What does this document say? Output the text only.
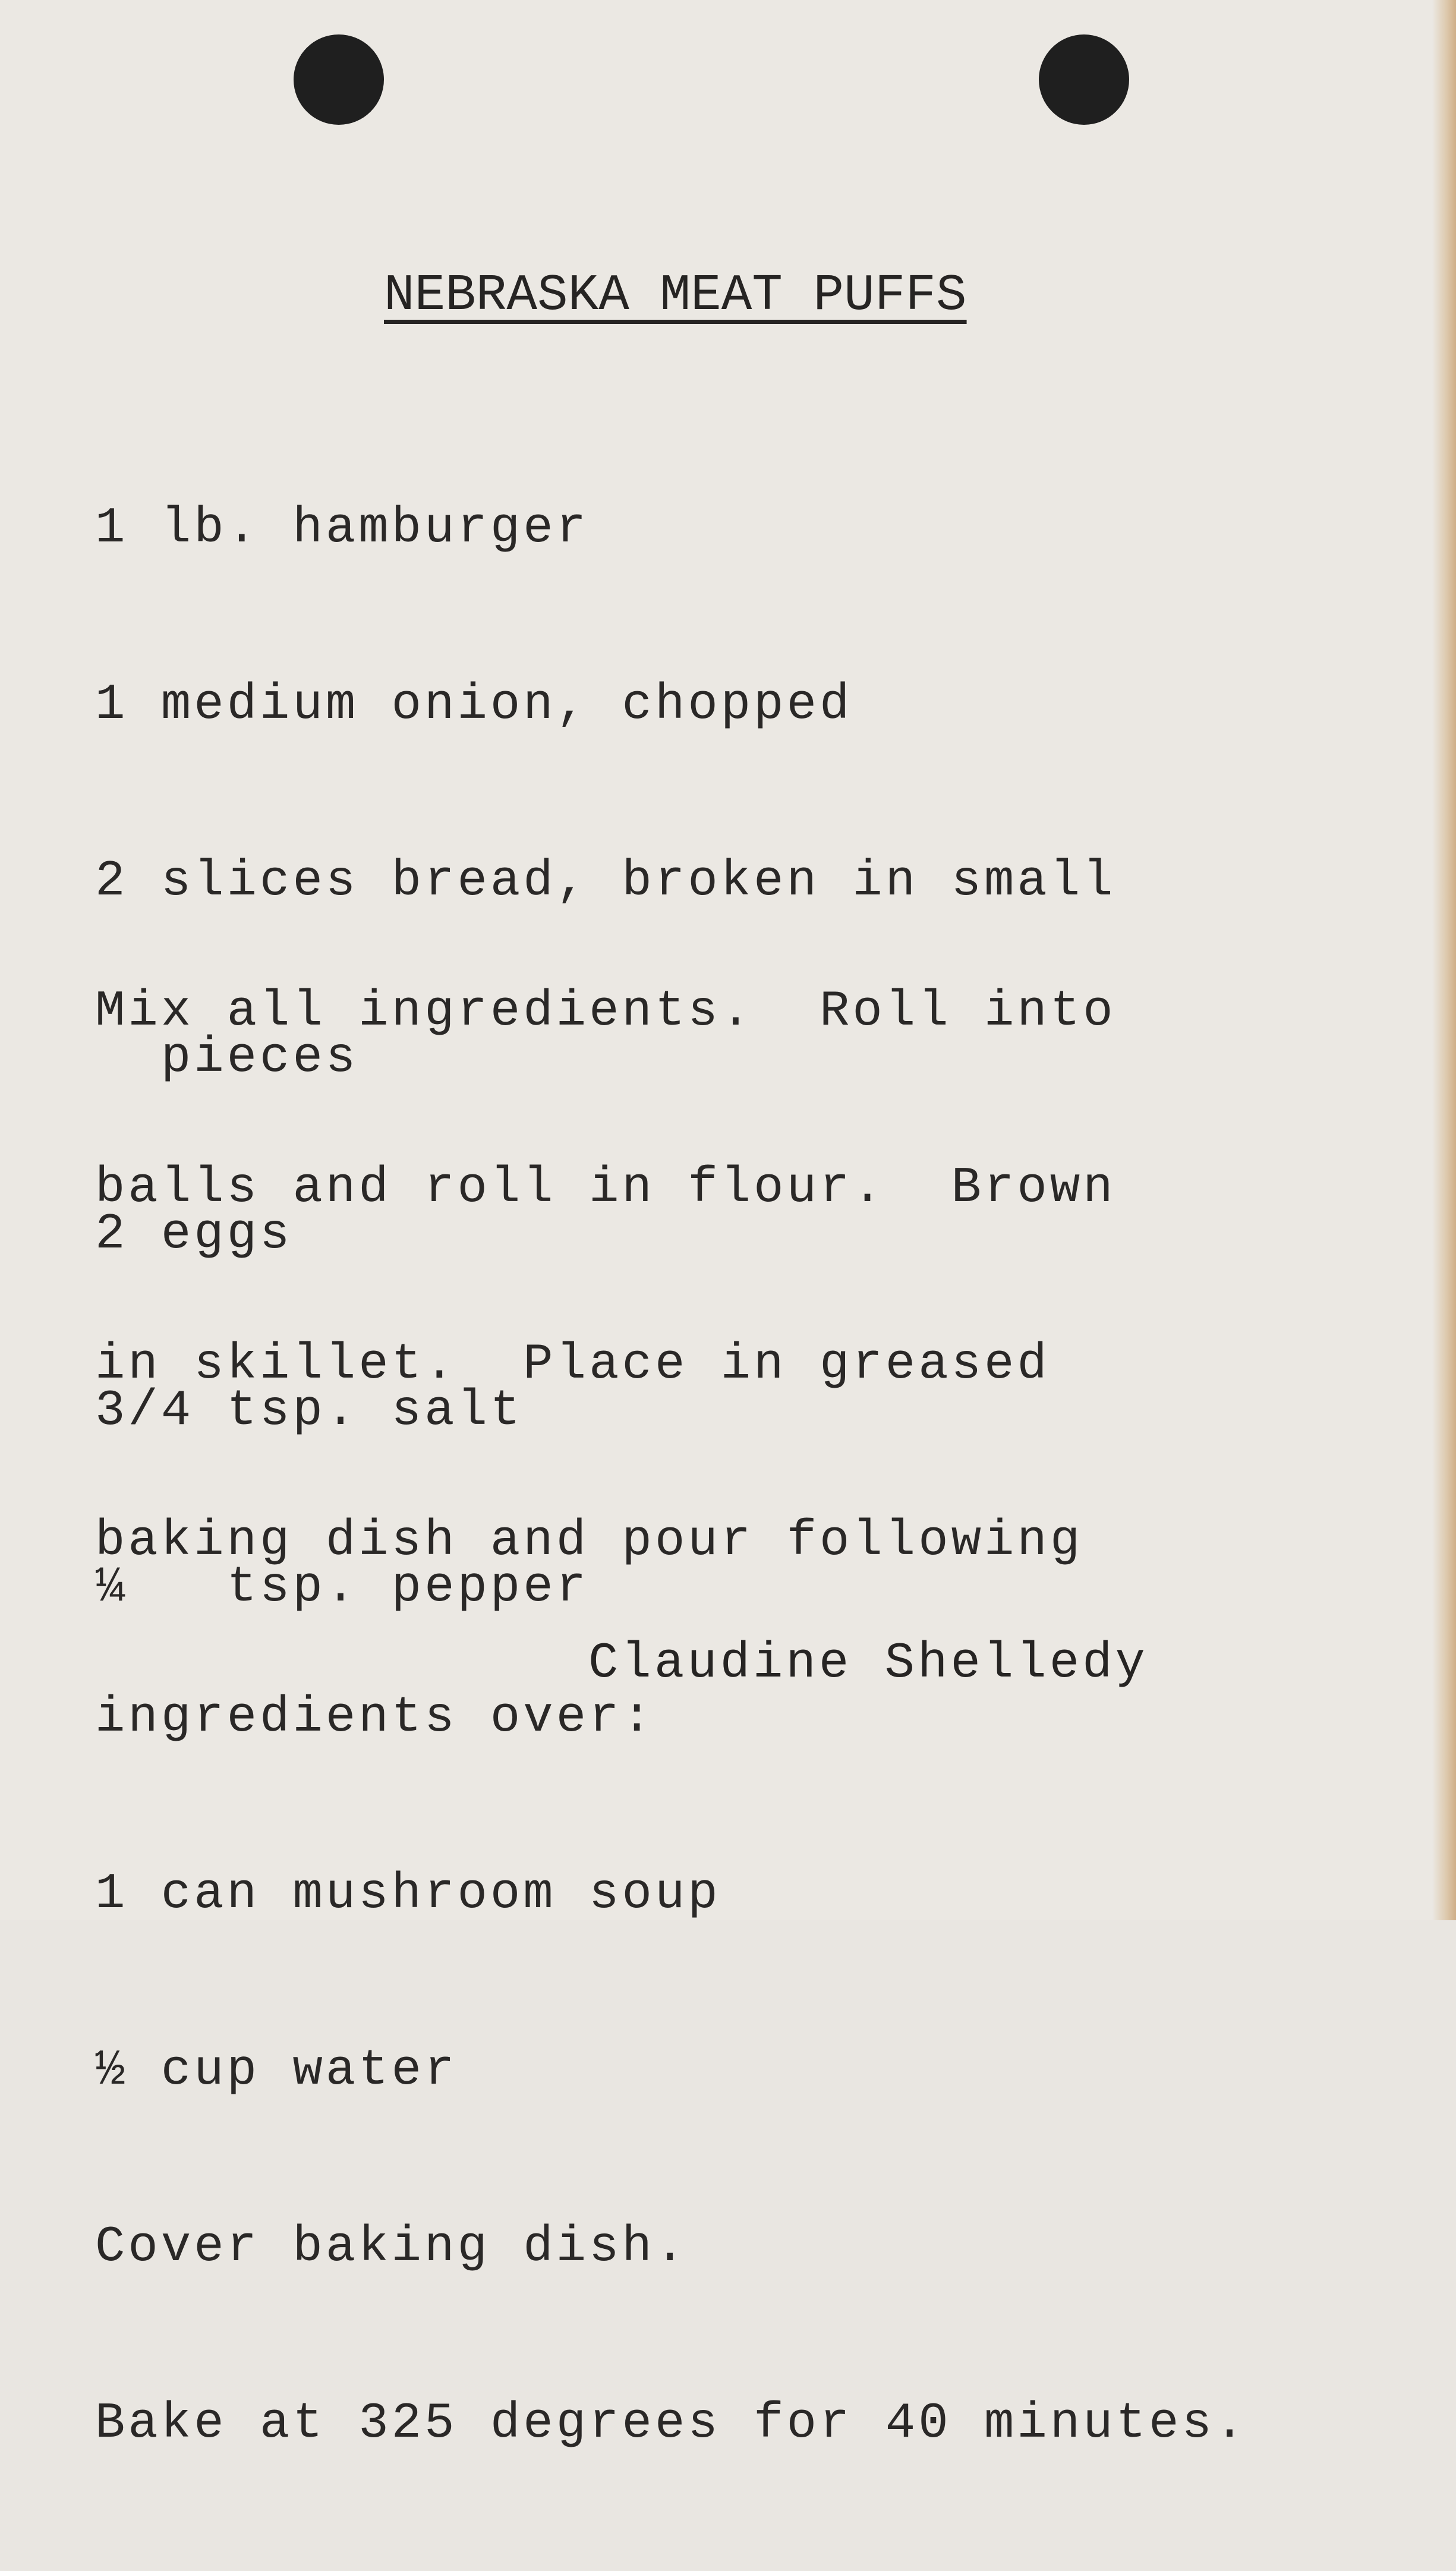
NEBRASKA MEAT PUFFS

1 lb. hamburger

1 medium onion, chopped

2 slices bread, broken in small

pieces

2 eggs

3/4 tsp. salt

¼   tsp. pepper

Mix all ingredients.  Roll into

balls and roll in flour.  Brown

in skillet.  Place in greased

baking dish and pour following

ingredients over:

1 can mushroom soup

½ cup water

Cover baking dish.

Bake at 325 degrees for 40 minutes.

Claudine Shelledy
